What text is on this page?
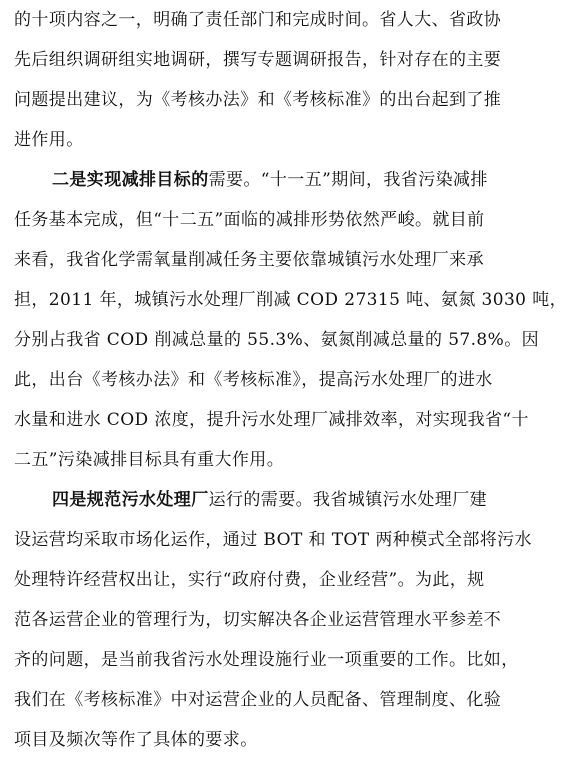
的十项内容之一，明确了责任部门和完成时间。省人大、省政协
先后组织调研组实地调研，撰写专题调研报告，针对存在的主要
问题提出建议，为《考核办法》和《考核标准》的出台起到了推
进作用。
二是实现减排目标的需要。“十一五”期间，我省污染减排
任务基本完成，但“十二五”面临的减排形势依然严峻。就目前
来看，我省化学需氧量削减任务主要依靠城镇污水处理厂来承
担，2011 年，城镇污水处理厂削减 COD 27315 吨、氨氮 3030 吨，
分别占我省 COD 削减总量的 55.3%、氨氮削减总量的 57.8%。因
此，出台《考核办法》和《考核标准》，提高污水处理厂的进水
水量和进水 COD 浓度，提升污水处理厂减排效率，对实现我省“十
二五”污染减排目标具有重大作用。
四是规范污水处理厂运行的需要。我省城镇污水处理厂建
设运营均采取市场化运作，通过 BOT 和 TOT 两种模式全部将污水
处理特许经营权出让，实行“政府付费，企业经营”。为此，规
范各运营企业的管理行为，切实解决各企业运营管理水平参差不
齐的问题，是当前我省污水处理设施行业一项重要的工作。比如，
我们在《考核标准》中对运营企业的人员配备、管理制度、化验
项目及频次等作了具体的要求。
